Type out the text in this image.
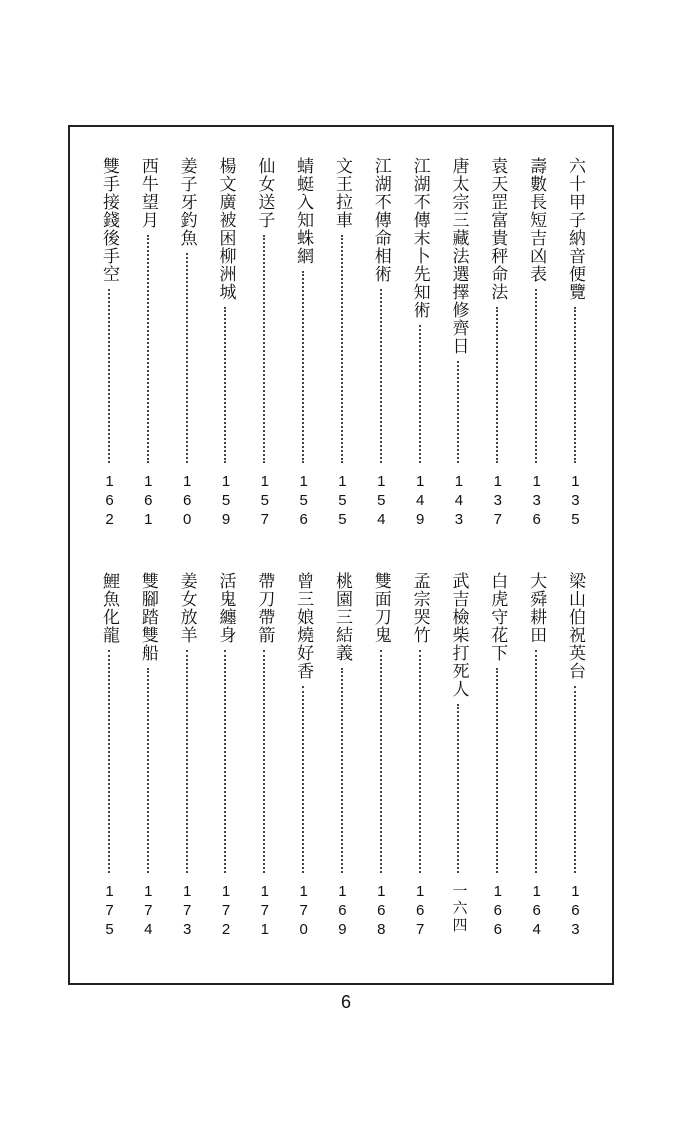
六十甲子納音便覽
135
壽數長短吉凶表
136
袁天罡富貴秤命法
137
唐太宗三藏法選擇修齊日
143
江湖不傳末卜先知術
149
江湖不傳命相術
154
文王拉車
155
蜻蜓入知蛛網
156
仙女送子
157
楊文廣被困柳洲城
159
姜子牙釣魚
160
西牛望月
161
雙手接錢後手空
162
梁山伯祝英台
163
大舜耕田
164
白虎守花下
166
武吉檢柴打死人
一六四
孟宗哭竹
167
雙面刀鬼
168
桃園三結義
169
曾三娘燒好香
170
帶刀帶箭
171
活鬼纏身
172
姜女放羊
173
雙腳踏雙船
174
鯉魚化龍
175
6
